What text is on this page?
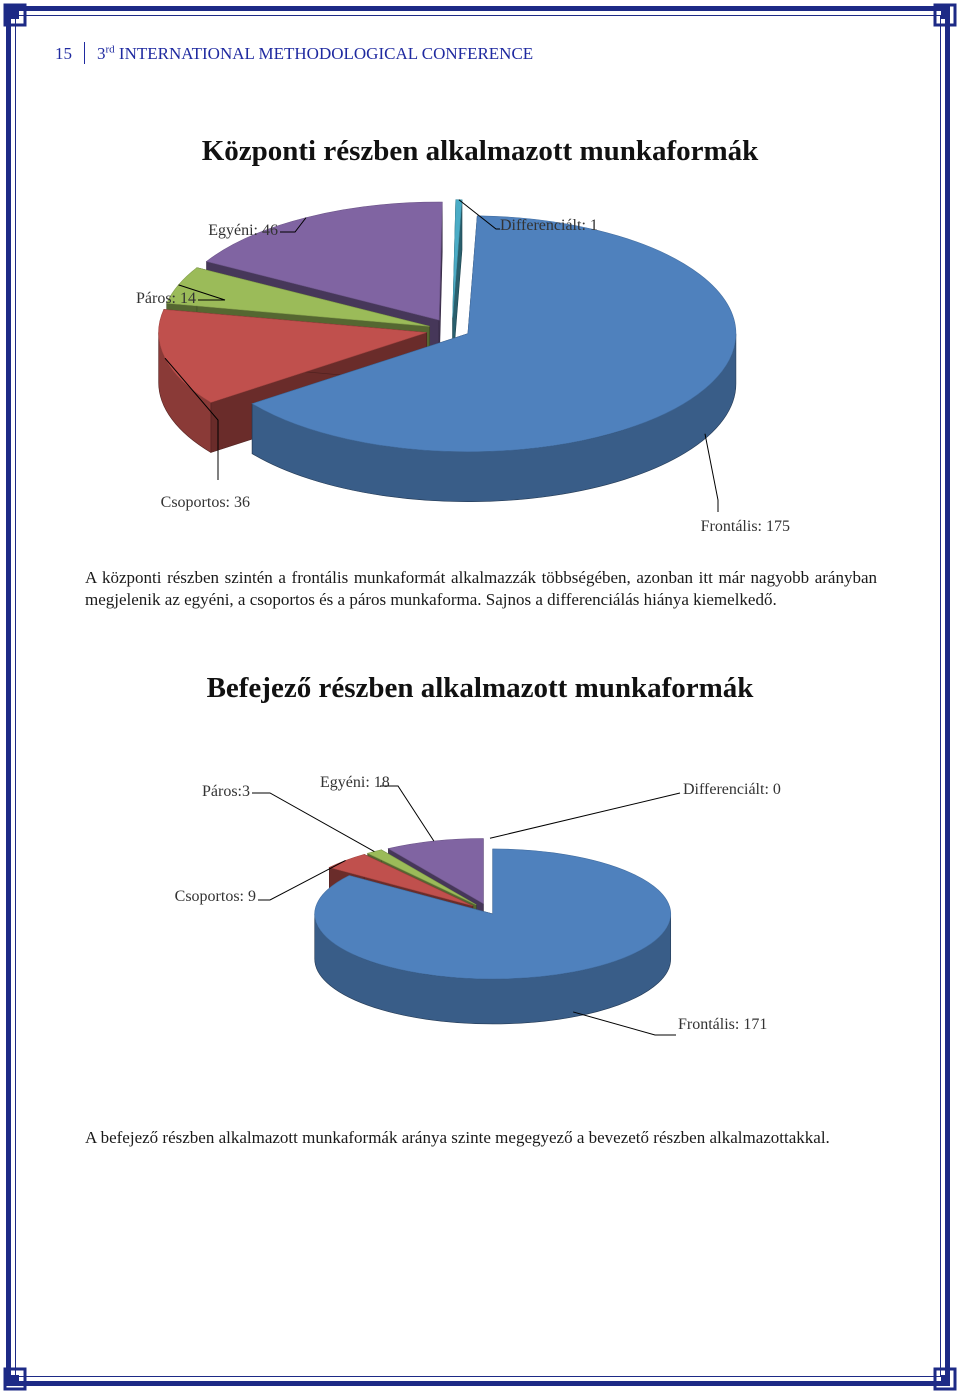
15 3rd INTERNATIONAL METHODOLOGICAL CONFERENCE
Központi részben alkalmazott munkaformák
Frontális: 175
Csoportos: 36
Páros: 14
Egyéni: 46	Differenciált: 1
A központi részben szintén a frontális munkaformát alkalmazzák többségében, azonban itt már nagyobb arányban megjelenik az egyéni, a csoportos és a páros munkaforma. Sajnos a differenciálás hiánya kiemelkedő.
Befejező részben alkalmazott munkaformák
Frontális: 171
Csoportos: 9
Páros:3
Egyéni: 18	Differenciált: 0
A befejező részben alkalmazott munkaformák aránya szinte megegyező a bevezető részben alkalmazottakkal.
